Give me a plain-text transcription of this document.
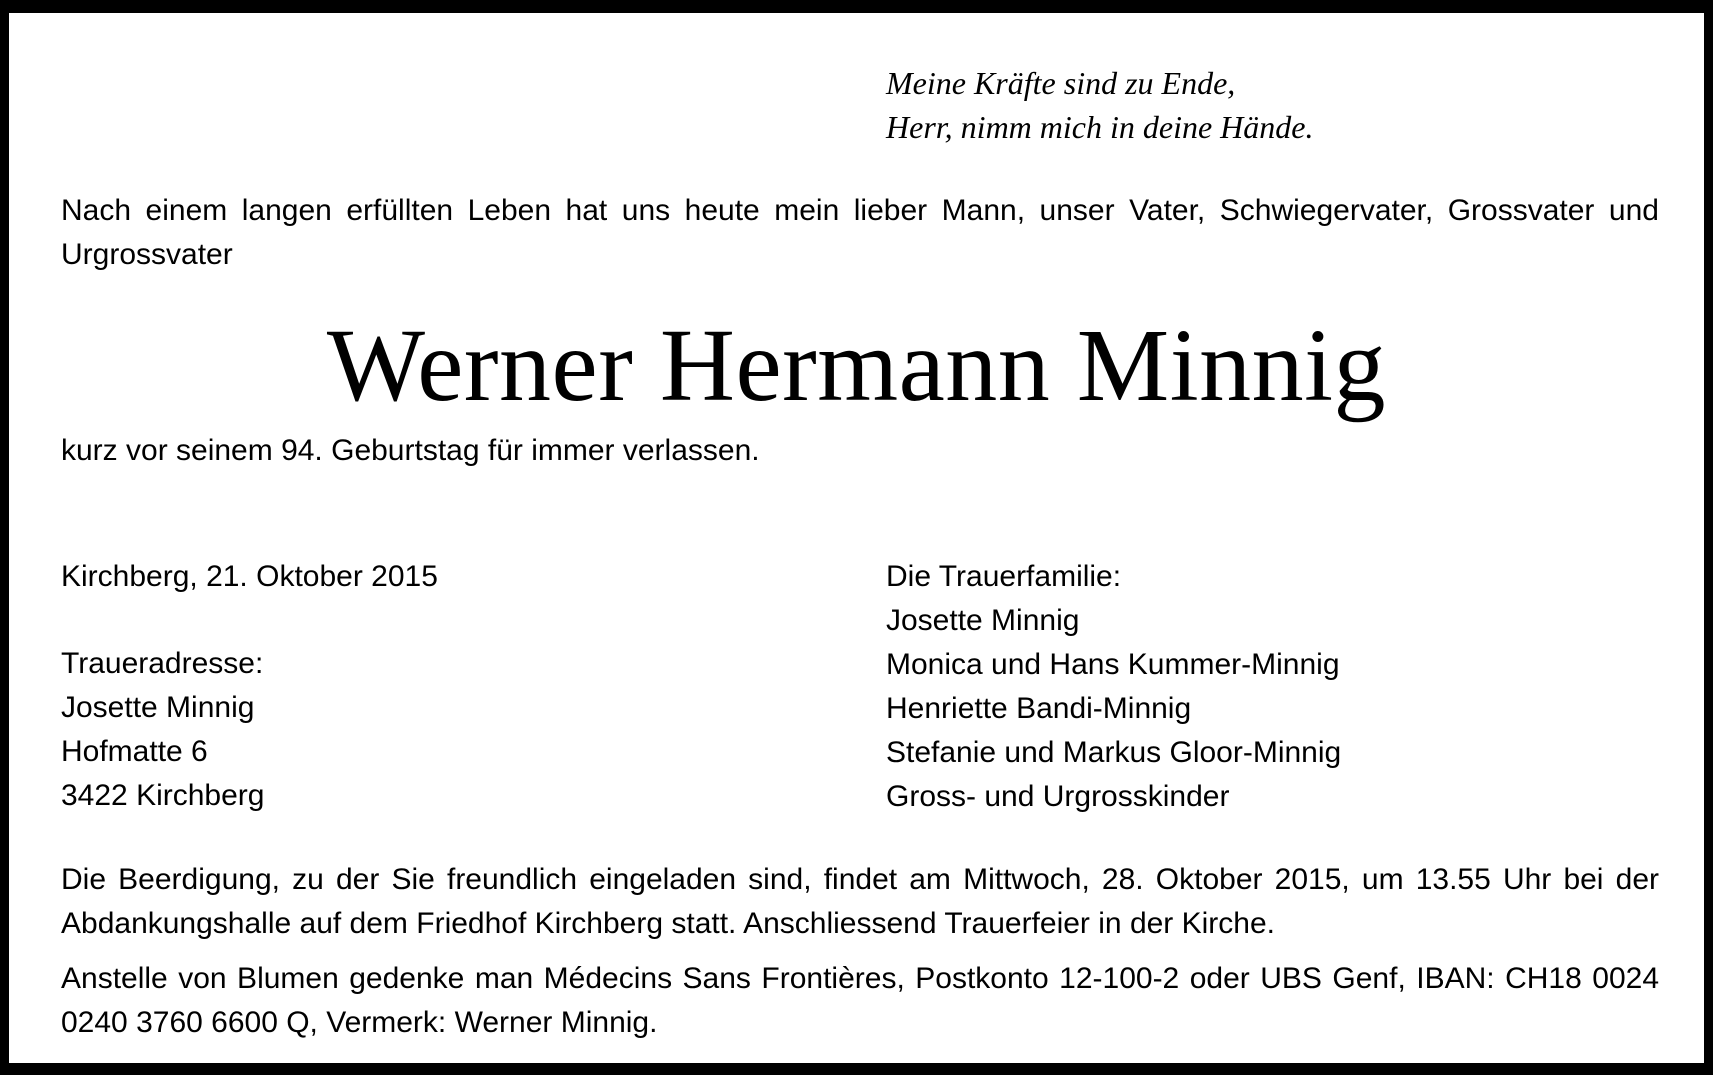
Meine Kräfte sind zu Ende,
Herr, nimm mich in deine Hände.
Nach einem langen erfüllten Leben hat uns heute mein lieber Mann, unser Vater, Schwiegervater, Grossvater und Urgrossvater
Werner Hermann Minnig
kurz vor seinem 94. Geburtstag für immer verlassen.
Kirchberg, 21. Oktober 2015
Traueradresse:
Josette Minnig
Hofmatte 6
3422 Kirchberg
Die Trauerfamilie:
Josette Minnig
Monica und Hans Kummer-Minnig
Henriette Bandi-Minnig
Stefanie und Markus Gloor-Minnig
Gross- und Urgrosskinder
Die Beerdigung, zu der Sie freundlich eingeladen sind, findet am Mittwoch, 28. Oktober 2015, um 13.55 Uhr bei der Abdankungshalle auf dem Friedhof Kirchberg statt. Anschliessend Trauerfeier in der Kirche.
Anstelle von Blumen gedenke man Médecins Sans Frontières, Postkonto 12-100-2 oder UBS Genf, IBAN: CH18 0024 0240 3760 6600 Q, Vermerk: Werner Minnig.
